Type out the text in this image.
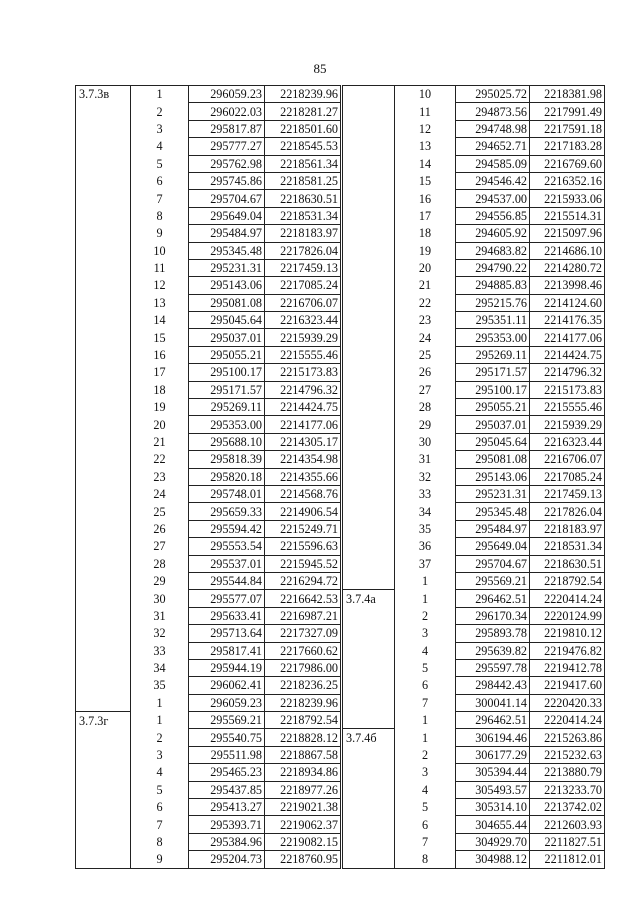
85
3.7.3в	1	296059.23	2218239.96
	2	296022.03	2218281.27
	3	295817.87	2218501.60
	4	295777.27	2218545.53
	5	295762.98	2218561.34
	6	295745.86	2218581.25
	7	295704.67	2218630.51
	8	295649.04	2218531.34
	9	295484.97	2218183.97
	10	295345.48	2217826.04
	11	295231.31	2217459.13
	12	295143.06	2217085.24
	13	295081.08	2216706.07
	14	295045.64	2216323.44
	15	295037.01	2215939.29
	16	295055.21	2215555.46
	17	295100.17	2215173.83
	18	295171.57	2214796.32
	19	295269.11	2214424.75
	20	295353.00	2214177.06
	21	295688.10	2214305.17
	22	295818.39	2214354.98
	23	295820.18	2214355.66
	24	295748.01	2214568.76
	25	295659.33	2214906.54
	26	295594.42	2215249.71
	27	295553.54	2215596.63
	28	295537.01	2215945.52
	29	295544.84	2216294.72
	30	295577.07	2216642.53
	31	295633.41	2216987.21
	32	295713.64	2217327.09
	33	295817.41	2217660.62
	34	295944.19	2217986.00
	35	296062.41	2218236.25
	1	296059.23	2218239.96
3.7.3г	1	295569.21	2218792.54
	2	295540.75	2218828.12
	3	295511.98	2218867.58
	4	295465.23	2218934.86
	5	295437.85	2218977.26
	6	295413.27	2219021.38
	7	295393.71	2219062.37
	8	295384.96	2219082.15
	9	295204.73	2218760.95
	10	295025.72	2218381.98
	11	294873.56	2217991.49
	12	294748.98	2217591.18
	13	294652.71	2217183.28
	14	294585.09	2216769.60
	15	294546.42	2216352.16
	16	294537.00	2215933.06
	17	294556.85	2215514.31
	18	294605.92	2215097.96
	19	294683.82	2214686.10
	20	294790.22	2214280.72
	21	294885.83	2213998.46
	22	295215.76	2214124.60
	23	295351.11	2214176.35
	24	295353.00	2214177.06
	25	295269.11	2214424.75
	26	295171.57	2214796.32
	27	295100.17	2215173.83
	28	295055.21	2215555.46
	29	295037.01	2215939.29
	30	295045.64	2216323.44
	31	295081.08	2216706.07
	32	295143.06	2217085.24
	33	295231.31	2217459.13
	34	295345.48	2217826.04
	35	295484.97	2218183.97
	36	295649.04	2218531.34
	37	295704.67	2218630.51
	1	295569.21	2218792.54
3.7.4а	1	296462.51	2220414.24
	2	296170.34	2220124.99
	3	295893.78	2219810.12
	4	295639.82	2219476.82
	5	295597.78	2219412.78
	6	298442.43	2219417.60
	7	300041.14	2220420.33
	1	296462.51	2220414.24
3.7.4б	1	306194.46	2215263.86
	2	306177.29	2215232.63
	3	305394.44	2213880.79
	4	305493.57	2213233.70
	5	305314.10	2213742.02
	6	304655.44	2212603.93
	7	304929.70	2211827.51
	8	304988.12	2211812.01
